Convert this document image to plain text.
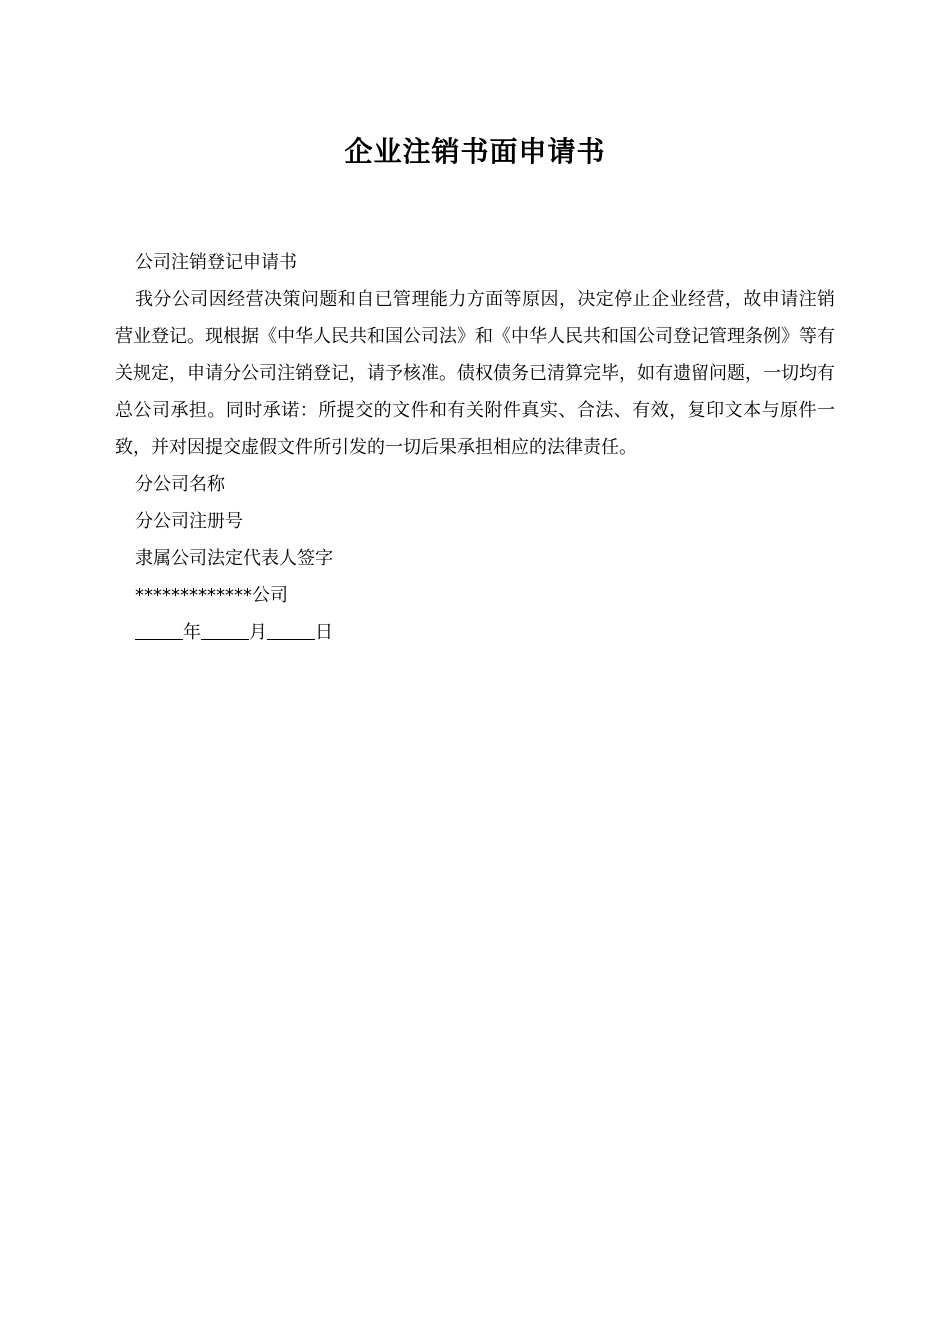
企业注销书面申请书

公司注销登记申请书

我分公司因经营决策问题和自已管理能力方面等原因，决定停止企业经营，故申请注销营业登记。现根据《中华人民共和国公司法》和《中华人民共和国公司登记管理条例》等有关规定，申请分公司注销登记，请予核准。债权债务已清算完毕，如有遗留问题，一切均有总公司承担。同时承诺：所提交的文件和有关附件真实、合法、有效，复印文本与原件一致，并对因提交虚假文件所引发的一切后果承担相应的法律责任。

分公司名称

分公司注册号

隶属公司法定代表人签字

*************公司

年	月	日
